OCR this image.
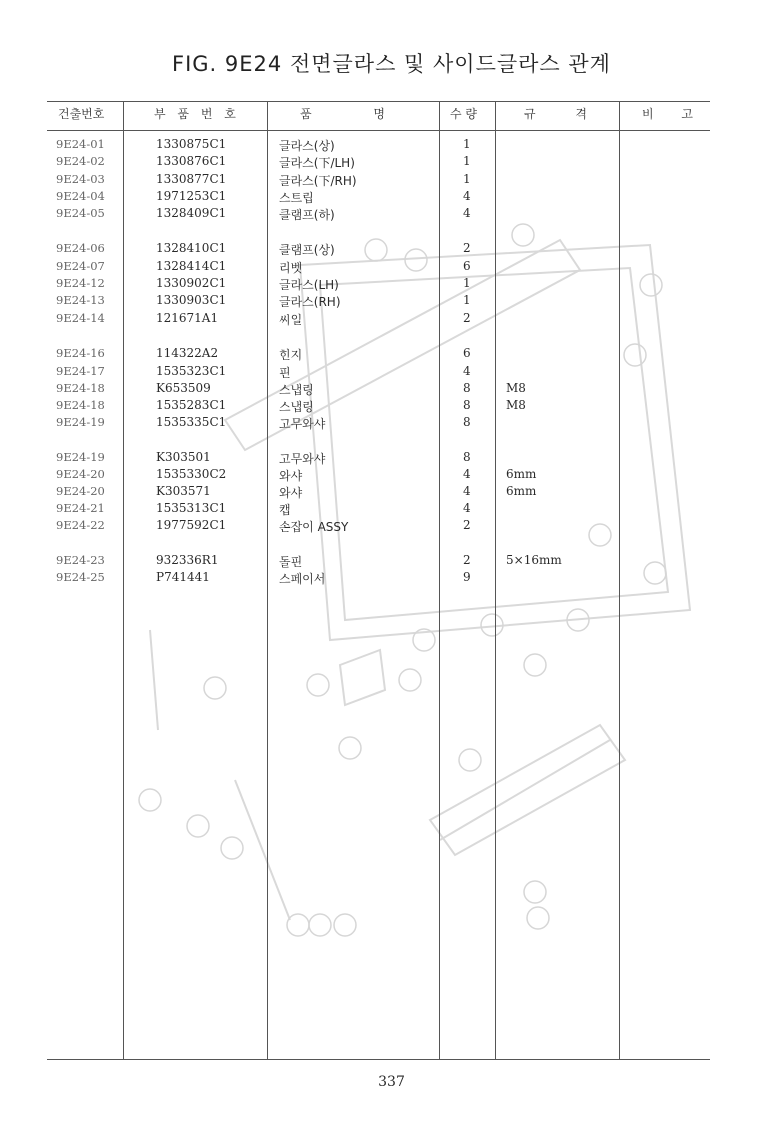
FIG. 9E24 전면글라스 및 사이드글라스 관계
건출번호	부 품 번 호	품 명	수 량	규 격	비 고
9E24-01	1330875C1	글라스(상)	1
9E24-02	1330876C1	글라스(下/LH)	1
9E24-03	1330877C1	글라스(下/RH)	1
9E24-04	1971253C1	스트립	4
9E24-05	1328409C1	클램프(하)	4
9E24-06	1328410C1	클램프(상)	2
9E24-07	1328414C1	리벳	6
9E24-12	1330902C1	글라스(LH)	1
9E24-13	1330903C1	글라스(RH)	1
9E24-14	121671A1	씨일	2
9E24-16	114322A2	힌지	6
9E24-17	1535323C1	핀	4
9E24-18	K653509	스냅링	8	M8
9E24-18	1535283C1	스냅링	8	M8
9E24-19	1535335C1	고무와샤	8
9E24-19	K303501	고무와샤	8
9E24-20	1535330C2	와샤	4	6mm
9E24-20	K303571	와샤	4	6mm
9E24-21	1535313C1	캡	4
9E24-22	1977592C1	손잡이 ASSY	2
9E24-23	932336R1	돌핀	2	5×16mm
9E24-25	P741441	스페이서	9
337
